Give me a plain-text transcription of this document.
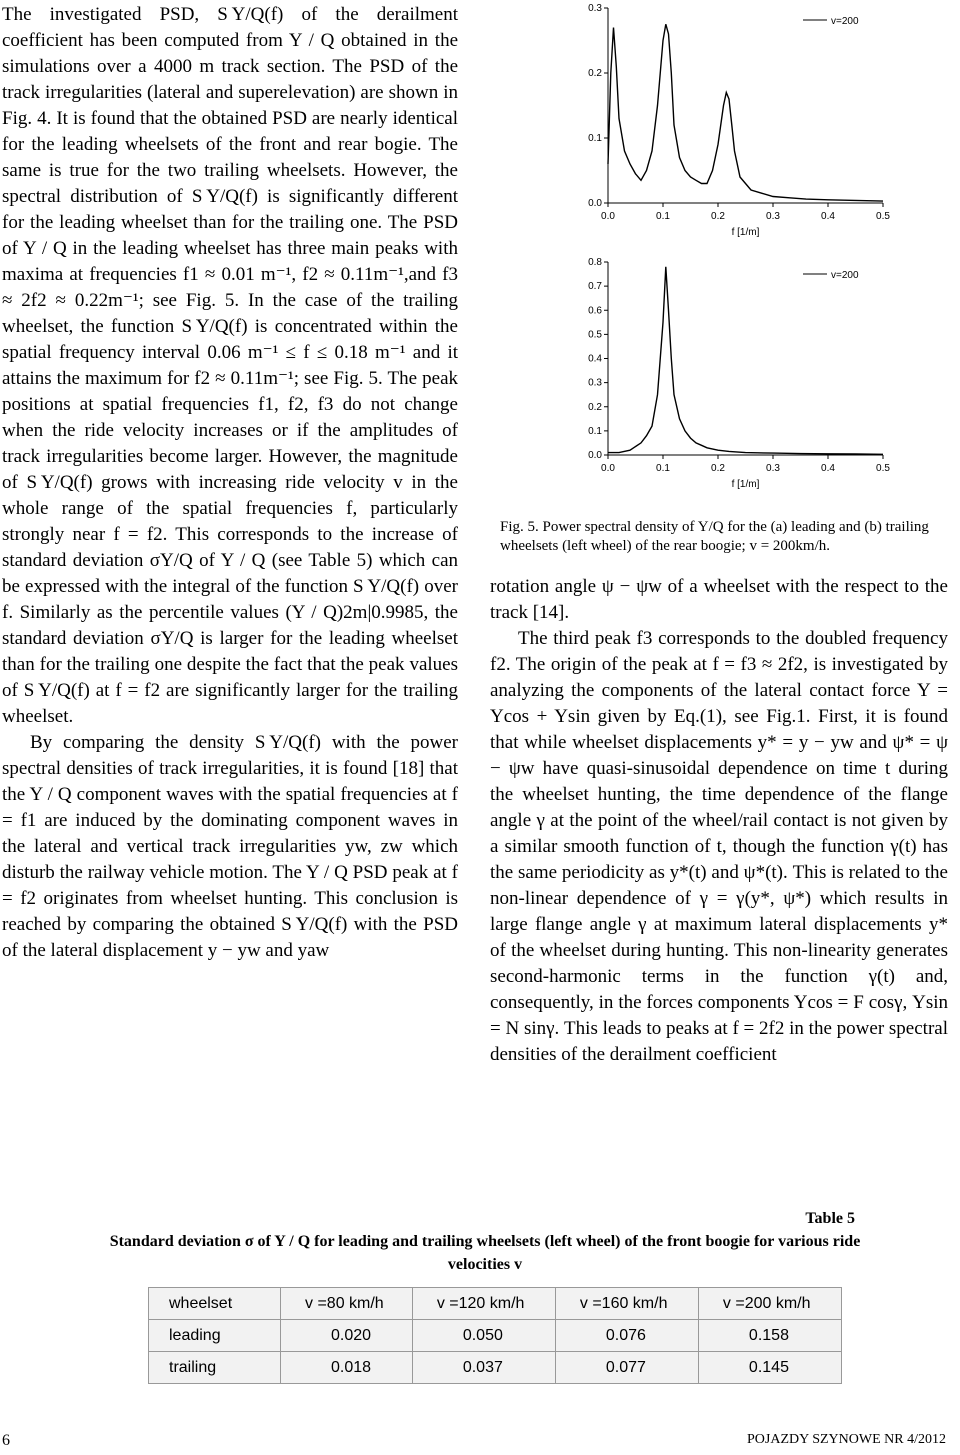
The investigated PSD, S Y/Q(f) of the derailment coefficient has been computed from Y / Q obtained in the simulations over a 4000 m track section. The PSD of the track irregularities (lateral and superelevation) are shown in Fig. 4. It is found that the obtained PSD are nearly identical for the leading wheelsets of the front and rear bogie. The same is true for the two trailing wheelsets. However, the spectral distribution of S Y/Q(f) is significantly different for the leading wheelset than for the trailing one. The PSD of Y / Q in the leading wheelset has three main peaks with maxima at frequencies f1 ≈ 0.01 m⁻¹, f2 ≈ 0.11m⁻¹,and f3 ≈ 2f2 ≈ 0.22m⁻¹; see Fig. 5. In the case of the trailing wheelset, the function S Y/Q(f) is concentrated within the spatial frequency interval 0.06 m⁻¹ ≤ f ≤ 0.18 m⁻¹ and it attains the maximum for f2 ≈ 0.11m⁻¹; see Fig. 5. The peak positions at spatial frequencies f1, f2, f3 do not change when the ride velocity increases or if the amplitudes of track irregularities become larger. However, the magnitude of S Y/Q(f) grows with increasing ride velocity v in the whole range of the spatial frequencies f, particularly strongly near f = f2. This corresponds to the increase of standard deviation σY/Q of Y / Q (see Table 5) which can be expressed with the integral of the function S Y/Q(f) over f. Similarly as the percentile values (Y / Q)2m|0.9985, the standard deviation σY/Q is larger for the leading wheelset than for the trailing one despite the fact that the peak values of S Y/Q(f) at f = f2 are significantly larger for the trailing wheelset.

By comparing the density S Y/Q(f) with the power spectral densities of track irregularities, it is found [18] that the Y / Q component waves with the spatial frequencies at f = f1 are induced by the dominating component waves in the lateral and vertical track irregularities yw, zw which disturb the railway vehicle motion. The Y / Q PSD peak at f = f2 originates from wheelset hunting. This conclusion is reached by comparing the obtained S Y/Q(f) with the PSD of the lateral displacement y − yw and yaw

0.0
0.1
0.2
0.3
0.0	0.1	0.2	0.3	0.4	0.5
f [1/m]
v=200
0.0
0.1
0.2
0.3
0.4
0.5
0.6
0.7
0.8
0.0	0.1	0.2	0.3	0.4	0.5
f [1/m]
v=200
Fig. 5. Power spectral density of Y/Q for the (a) leading and (b) trailing wheelsets (left wheel) of the rear boogie; v = 200km/h.

rotation angle ψ − ψw of a wheelset with the respect to the track [14].

The third peak f3 corresponds to the doubled frequency f2. The origin of the peak at f = f3 ≈ 2f2, is investigated by analyzing the components of the lateral contact force Y = Ycos + Ysin given by Eq.(1), see Fig.1. First, it is found that while wheelset displacements y* = y − yw and ψ* = ψ − ψw have quasi-sinusoidal dependence on time t during the wheelset hunting, the time dependence of the flange angle γ at the point of the wheel/rail contact is not given by a similar smooth function of t, though the function γ(t) has the same periodicity as y*(t) and ψ*(t). This is related to the non-linear dependence of γ = γ(y*, ψ*) which results in large flange angle γ at maximum lateral displacements y* of the wheelset during hunting. This non-linearity generates second-harmonic terms in the function γ(t) and, consequently, in the forces components Ycos = F cosγ, Ysin = N sinγ. This leads to peaks at f = 2f2 in the power spectral densities of the derailment coefficient

Table 5
Standard deviation σ of Y / Q for leading and trailing wheelsets (left wheel) of the front boogie for various ride velocities v
wheelset	v =80 km/h	v =120 km/h	v =160 km/h	v =200 km/h
leading	0.020	0.050	0.076	0.158
trailing	0.018	0.037	0.077	0.145
6	POJAZDY SZYNOWE NR 4/2012
